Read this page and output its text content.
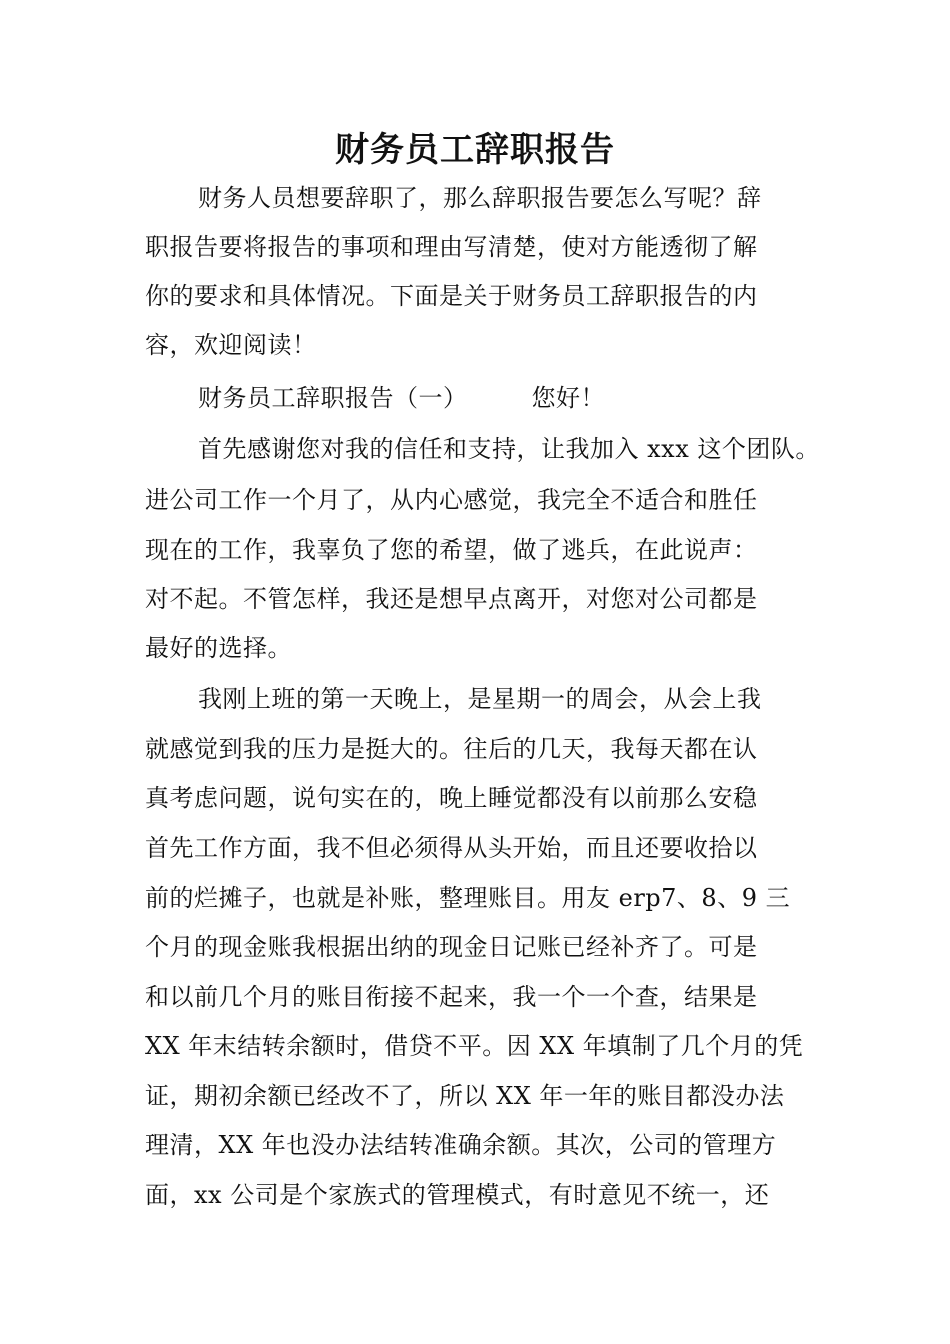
财务员工辞职报告
财务人员想要辞职了，那么辞职报告要怎么写呢？辞
职报告要将报告的事项和理由写清楚，使对方能透彻了解
你的要求和具体情况。下面是关于财务员工辞职报告的内
容，欢迎阅读！
财务员工辞职报告（一）	您好！
首先感谢您对我的信任和支持，让我加入 xxx 这个团队。
进公司工作一个月了，从内心感觉，我完全不适合和胜任
现在的工作，我辜负了您的希望，做了逃兵，在此说声：
对不起。不管怎样，我还是想早点离开，对您对公司都是
最好的选择。
我刚上班的第一天晚上，是星期一的周会，从会上我
就感觉到我的压力是挺大的。往后的几天，我每天都在认
真考虑问题，说句实在的，晚上睡觉都没有以前那么安稳
首先工作方面，我不但必须得从头开始，而且还要收拾以
前的烂摊子，也就是补账，整理账目。用友 erp7、8、9 三
个月的现金账我根据出纳的现金日记账已经补齐了。可是
和以前几个月的账目衔接不起来，我一个一个查，结果是
XX 年末结转余额时，借贷不平。因 XX 年填制了几个月的凭
证，期初余额已经改不了，所以 XX 年一年的账目都没办法
理清，XX 年也没办法结转准确余额。其次，公司的管理方
面，xx 公司是个家族式的管理模式，有时意见不统一，还
